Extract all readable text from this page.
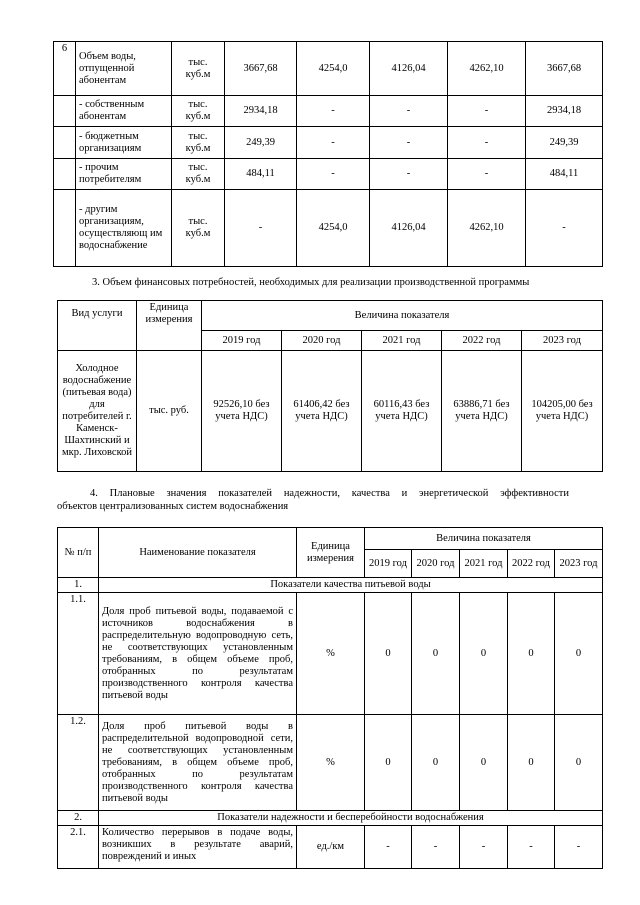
6	Объем воды, отпущенной абонентам	тыс. куб.м	3667,68	4254,0	4126,04	4262,10	3667,68
	- собственным абонентам	тыс. куб.м	2934,18	-	-	-	2934,18
	- бюджетным организациям	тыс. куб.м	249,39	-	-	-	249,39
	- прочим потребителям	тыс. куб.м	484,11	-	-	-	484,11
	- другим организациям, осуществляющ им водоснабжение	тыс. куб.м	-	4254,0	4126,04	4262,10	-
3. Объем финансовых потребностей, необходимых для реализации производственной программы
Вид услуги	Единица измерения	Величина показателя				
		2019 год	2020 год	2021 год	2022 год	2023 год
Холодное водоснабжение (питьевая вода) для потребителей г. Каменск-Шахтинский и мкр. Лиховской	тыс. руб.	92526,10 без учета НДС)	61406,42 без учета НДС)	60116,43 без учета НДС)	63886,71 без учета НДС)	104205,00 без учета НДС)
4. Плановые значения показателей надежности, качества и энергетической эффективности
объектов централизованных систем водоснабжения
№ п/п	Наименование показателя	Единица измерения	Величина показателя				
			2019 год	2020 год	2021 год	2022 год	2023 год
1.	Показатели качества питьевой воды						
1.1.	Доля проб питьевой воды, подаваемой с источников водоснабжения в распределительную водопроводную сеть, не соответствующих установленным требованиям, в общем объеме проб, отобранных по результатам производственного контроля качества питьевой воды	%	0	0	0	0	0
1.2.	Доля проб питьевой воды в распределительной водопроводной сети, не соответствующих установленным требованиям, в общем объеме проб, отобранных по результатам производственного контроля качества питьевой воды	%	0	0	0	0	0
2.	Показатели надежности и бесперебойности водоснабжения						
2.1.	Количество перерывов в подаче воды, возникших в результате аварий, повреждений и иных	ед./км	-	-	-	-	-
